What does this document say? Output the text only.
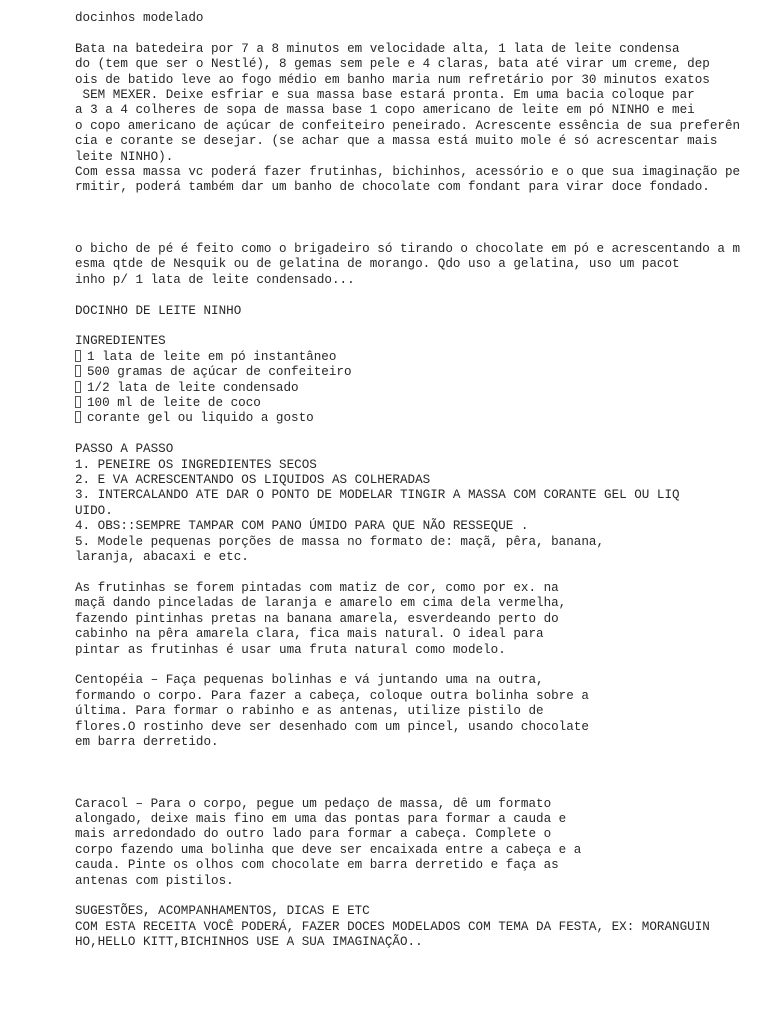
docinhos modelado
Bata na batedeira por 7 a 8 minutos em velocidade alta, 1 lata de leite condensa
do (tem que ser o Nestlé), 8 gemas sem pele e 4 claras, bata até virar um creme, dep
ois de batido leve ao fogo médio em banho maria num refretário por 30 minutos exatos
SEM MEXER. Deixe esfriar e sua massa base estará pronta. Em uma bacia coloque par
a 3 a 4 colheres de sopa de massa base 1 copo americano de leite em pó NINHO e mei
o copo americano de açúcar de confeiteiro peneirado. Acrescente essência de sua preferên
cia e corante se desejar. (se achar que a massa está muito mole é só acrescentar mais
leite NINHO).
Com essa massa vc poderá fazer frutinhas, bichinhos, acessório e o que sua imaginação pe
rmitir, poderá também dar um banho de chocolate com fondant para virar doce fondado.
o bicho de pé é feito como o brigadeiro só tirando o chocolate em pó e acrescentando a m
esma qtde de Nesquik ou de gelatina de morango. Qdo uso a gelatina, uso um pacot
inho p/ 1 lata de leite condensado...
DOCINHO DE LEITE NINHO
INGREDIENTES
1 lata de leite em pó instantâneo
500 gramas de açúcar de confeiteiro
1/2 lata de leite condensado
100 ml de leite de coco
corante gel ou liquido a gosto
PASSO A PASSO
1. PENEIRE OS INGREDIENTES SECOS
2. E VA ACRESCENTANDO OS LIQUIDOS AS COLHERADAS
3. INTERCALANDO ATE DAR O PONTO DE MODELAR TINGIR A MASSA COM CORANTE GEL OU LIQ
UIDO.
4. OBS::SEMPRE TAMPAR COM PANO ÚMIDO PARA QUE NÃO RESSEQUE .
5. Modele pequenas porções de massa no formato de: maçã, pêra, banana,
laranja, abacaxi e etc.
As frutinhas se forem pintadas com matiz de cor, como por ex. na
maçã dando pinceladas de laranja e amarelo em cima dela vermelha,
fazendo pintinhas pretas na banana amarela, esverdeando perto do
cabinho na pêra amarela clara, fica mais natural. O ideal para
pintar as frutinhas é usar uma fruta natural como modelo.
Centopéia – Faça pequenas bolinhas e vá juntando uma na outra,
formando o corpo. Para fazer a cabeça, coloque outra bolinha sobre a
última. Para formar o rabinho e as antenas, utilize pistilo de
flores.O rostinho deve ser desenhado com um pincel, usando chocolate
em barra derretido.
Caracol – Para o corpo, pegue um pedaço de massa, dê um formato
alongado, deixe mais fino em uma das pontas para formar a cauda e
mais arredondado do outro lado para formar a cabeça. Complete o
corpo fazendo uma bolinha que deve ser encaixada entre a cabeça e a
cauda. Pinte os olhos com chocolate em barra derretido e faça as
antenas com pistilos.
SUGESTÕES, ACOMPANHAMENTOS, DICAS E ETC
COM ESTA RECEITA VOCÊ PODERÁ, FAZER DOCES MODELADOS COM TEMA DA FESTA, EX: MORANGUIN
HO,HELLO KITT,BICHINHOS USE A SUA IMAGINAÇÃO..
